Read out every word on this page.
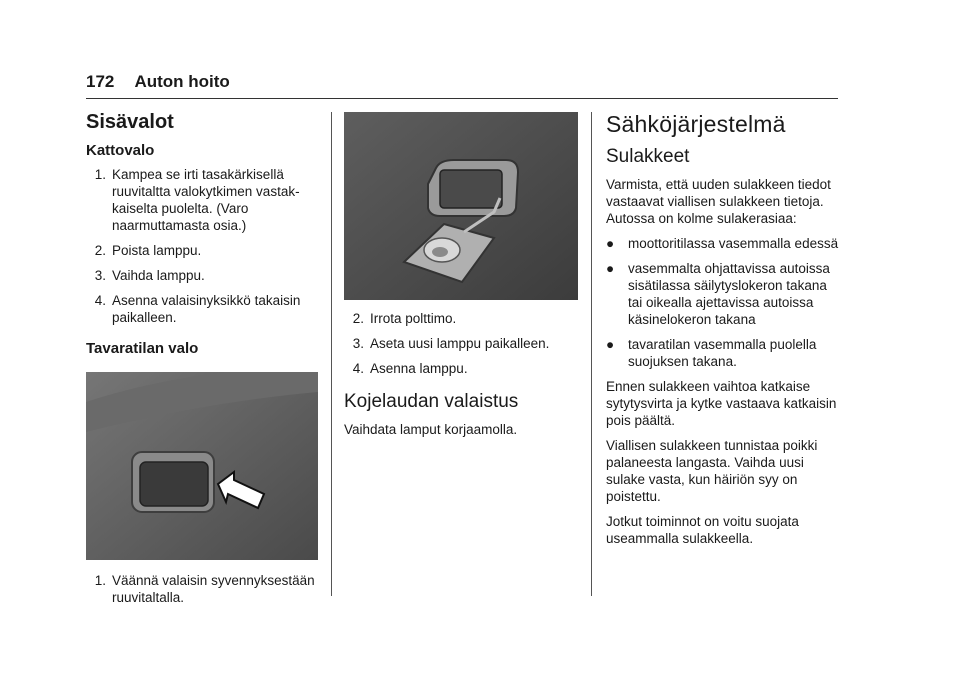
172 Auton hoito
Sisävalot
Kattovalo
1. Kampea se irti tasakärkisellä ruuvitaltta valokytkimen vastakkaiselta puolelta. (Varo naarmuttamasta osia.)
2. Poista lamppu.
3. Vaihda lamppu.
4. Asenna valaisinyksikkö takaisin paikalleen.
Tavaratilan valo
1. Väännä valaisin syvennyksestään ruuvitaltalla.
2. Irrota polttimo.
3. Aseta uusi lamppu paikalleen.
4. Asenna lamppu.
Kojelaudan valaistus

Vaihdata lamput korjaamolla.

Sähköjärjestelmä
Sulakkeet

Varmista, että uuden sulakkeen tiedot vastaavat viallisen sulakkeen tietoja. Autossa on kolme sulakerasiaa:

●	moottoritilassa vasemmalla edessä
●	vasemmalta ohjattavissa autoissa sisätilassa säilytyslokeron takana tai oikealla ajettavissa autoissa käsinelokeron takana
●	tavaratilan vasemmalla puolella suojuksen takana.

Ennen sulakkeen vaihtoa katkaise sytytysvirta ja kytke vastaava katkaisin pois päältä.

Viallisen sulakkeen tunnistaa poikki palaneesta langasta. Vaihda uusi sulake vasta, kun häiriön syy on poistettu.

Jotkut toiminnot on voitu suojata useammalla sulakkeella.
